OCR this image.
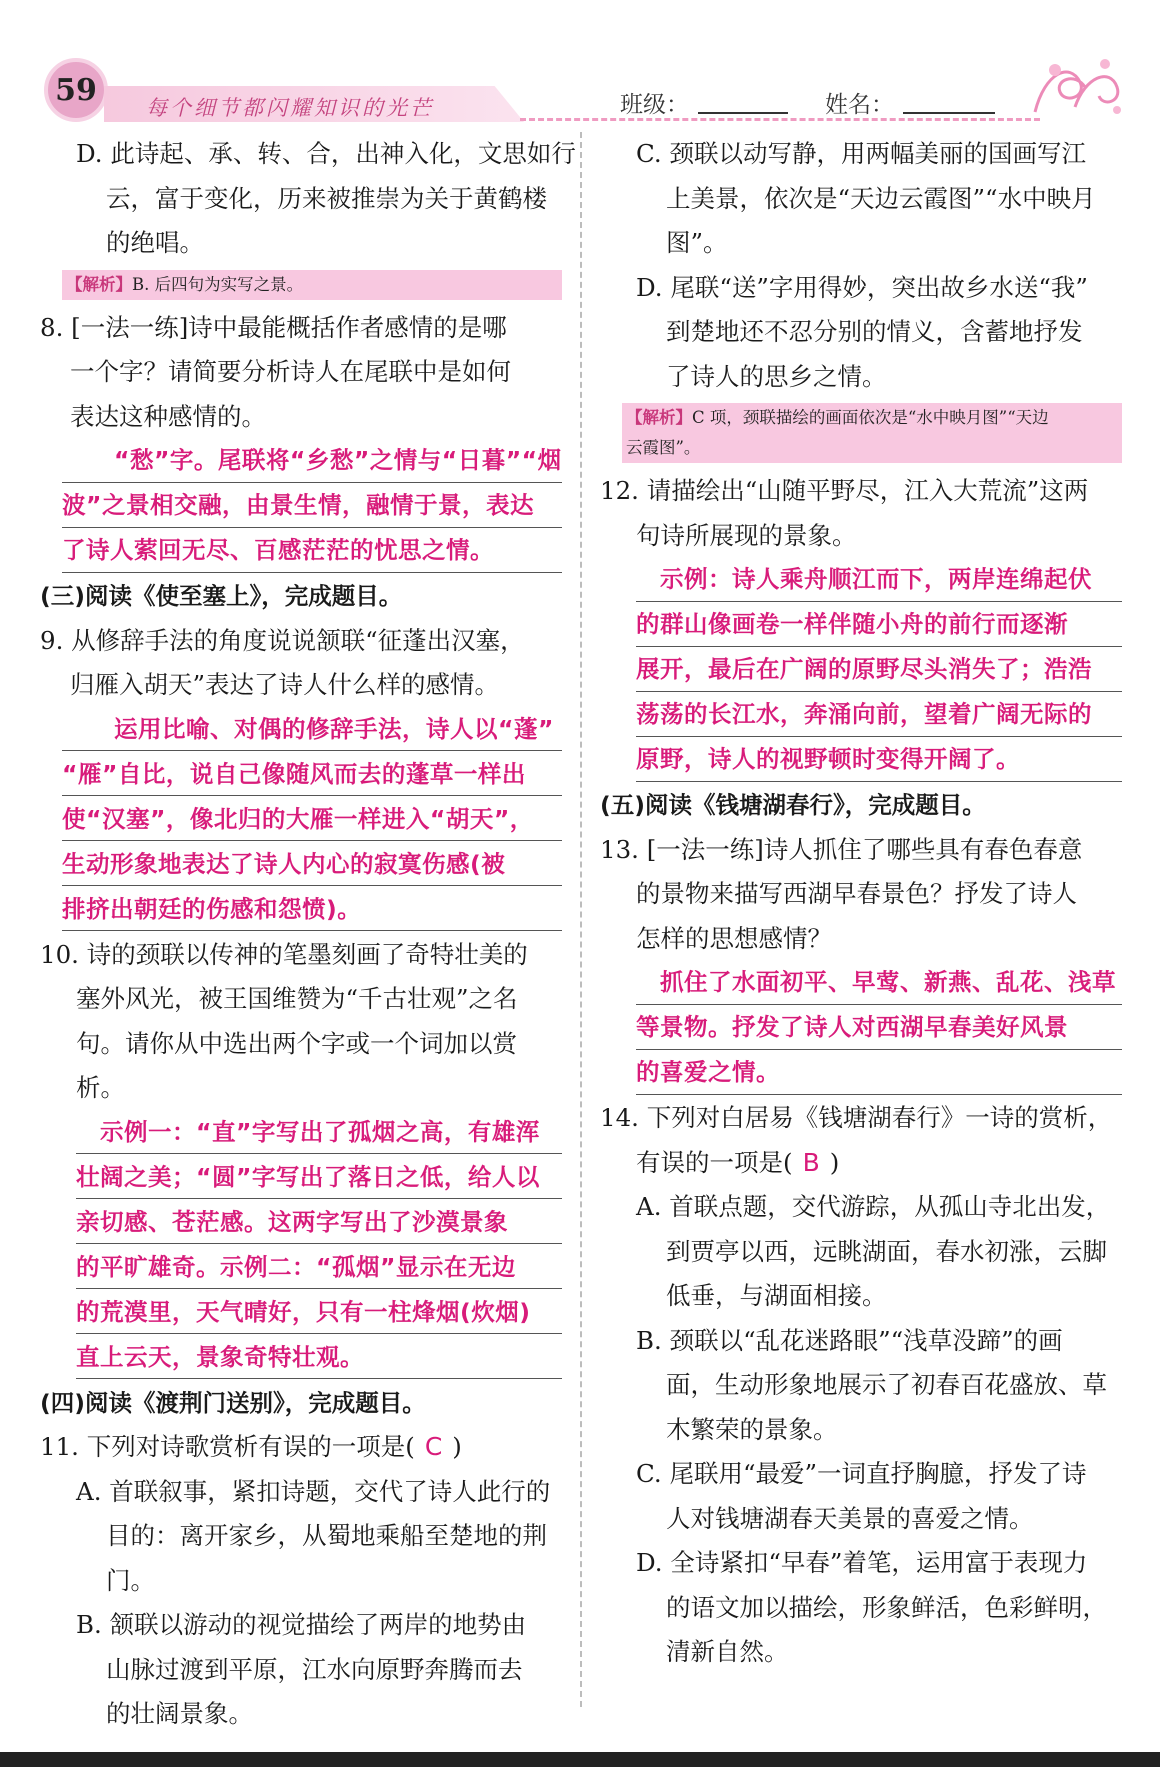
59
每个细节都闪耀知识的光芒	班级：	姓名：
D. 此诗起、承、转、合，出神入化，文思如行
云，富于变化，历来被推崇为关于黄鹤楼
的绝唱。
【解析】B. 后四句为实写之景。
8. [一法一练]诗中最能概括作者感情的是哪
一个字？请简要分析诗人在尾联中是如何
表达这种感情的。
“愁”字。尾联将“乡愁”之情与“日暮”“烟
波”之景相交融，由景生情，融情于景，表达
了诗人萦回无尽、百感茫茫的忧思之情。
(三)阅读《使至塞上》，完成题目。
9. 从修辞手法的角度说说颔联“征蓬出汉塞，
归雁入胡天”表达了诗人什么样的感情。
运用比喻、对偶的修辞手法，诗人以“蓬”
“雁”自比，说自己像随风而去的蓬草一样出
使“汉塞”，像北归的大雁一样进入“胡天”，
生动形象地表达了诗人内心的寂寞伤感(被
排挤出朝廷的伤感和怨愤)。
10. 诗的颈联以传神的笔墨刻画了奇特壮美的
塞外风光，被王国维赞为“千古壮观”之名
句。请你从中选出两个字或一个词加以赏
析。
示例一：“直”字写出了孤烟之高，有雄浑
壮阔之美；“圆”字写出了落日之低，给人以
亲切感、苍茫感。这两字写出了沙漠景象
的平旷雄奇。示例二：“孤烟”显示在无边
的荒漠里，天气晴好，只有一柱烽烟(炊烟)
直上云天，景象奇特壮观。
(四)阅读《渡荆门送别》，完成题目。
11. 下列对诗歌赏析有误的一项是( C )
A. 首联叙事，紧扣诗题，交代了诗人此行的
目的：离开家乡，从蜀地乘船至楚地的荆
门。
B. 颔联以游动的视觉描绘了两岸的地势由
山脉过渡到平原，江水向原野奔腾而去
的壮阔景象。
C. 颈联以动写静，用两幅美丽的国画写江
上美景，依次是“天边云霞图”“水中映月
图”。
D. 尾联“送”字用得妙，突出故乡水送“我”
到楚地还不忍分别的情义，含蓄地抒发
了诗人的思乡之情。
【解析】C 项，颈联描绘的画面依次是“水中映月图”“天边
云霞图”。
12. 请描绘出“山随平野尽，江入大荒流”这两
句诗所展现的景象。
示例：诗人乘舟顺江而下，两岸连绵起伏
的群山像画卷一样伴随小舟的前行而逐渐
展开，最后在广阔的原野尽头消失了；浩浩
荡荡的长江水，奔涌向前，望着广阔无际的
原野，诗人的视野顿时变得开阔了。
(五)阅读《钱塘湖春行》，完成题目。
13. [一法一练]诗人抓住了哪些具有春色春意
的景物来描写西湖早春景色？抒发了诗人
怎样的思想感情？
抓住了水面初平、早莺、新燕、乱花、浅草
等景物。抒发了诗人对西湖早春美好风景
的喜爱之情。
14. 下列对白居易《钱塘湖春行》一诗的赏析，
有误的一项是( B )
A. 首联点题，交代游踪，从孤山寺北出发，
到贾亭以西，远眺湖面，春水初涨，云脚
低垂，与湖面相接。
B. 颈联以“乱花迷路眼”“浅草没蹄”的画
面，生动形象地展示了初春百花盛放、草
木繁荣的景象。
C. 尾联用“最爱”一词直抒胸臆，抒发了诗
人对钱塘湖春天美景的喜爱之情。
D. 全诗紧扣“早春”着笔，运用富于表现力
的语文加以描绘，形象鲜活，色彩鲜明，
清新自然。
